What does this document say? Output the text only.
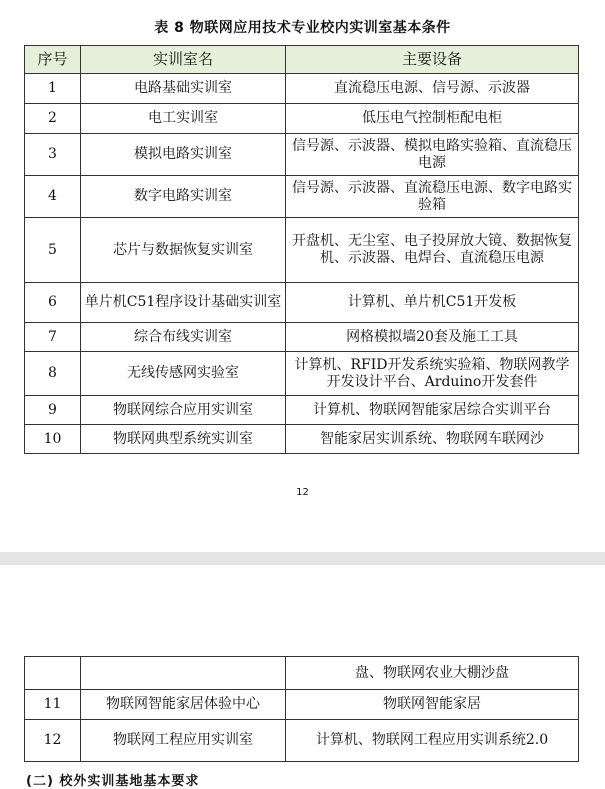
表 8 物联网应用技术专业校内实训室基本条件
序号	实训室名	主要设备
1	电路基础实训室	直流稳压电源、信号源、示波器
2	电工实训室	低压电气控制柜配电柜
3	模拟电路实训室	信号源、示波器、模拟电路实验箱、直流稳压电源
4	数字电路实训室	信号源、示波器、直流稳压电源、数字电路实验箱
5	芯片与数据恢复实训室	开盘机、无尘室、电子投屏放大镜、数据恢复机、示波器、电焊台、直流稳压电源
6	单片机C51程序设计基础实训室	计算机、单片机C51开发板
7	综合布线实训室	网格模拟墙20套及施工工具
8	无线传感网实验室	计算机、RFID开发系统实验箱、物联网教学开发设计平台、Arduino开发套件
9	物联网综合应用实训室	计算机、物联网智能家居综合实训平台
10	物联网典型系统实训室	智能家居实训系统、物联网车联网沙
12
		盘、物联网农业大棚沙盘
11	物联网智能家居体验中心	物联网智能家居
12	物联网工程应用实训室	计算机、物联网工程应用实训系统2.0
(二) 校外实训基地基本要求
